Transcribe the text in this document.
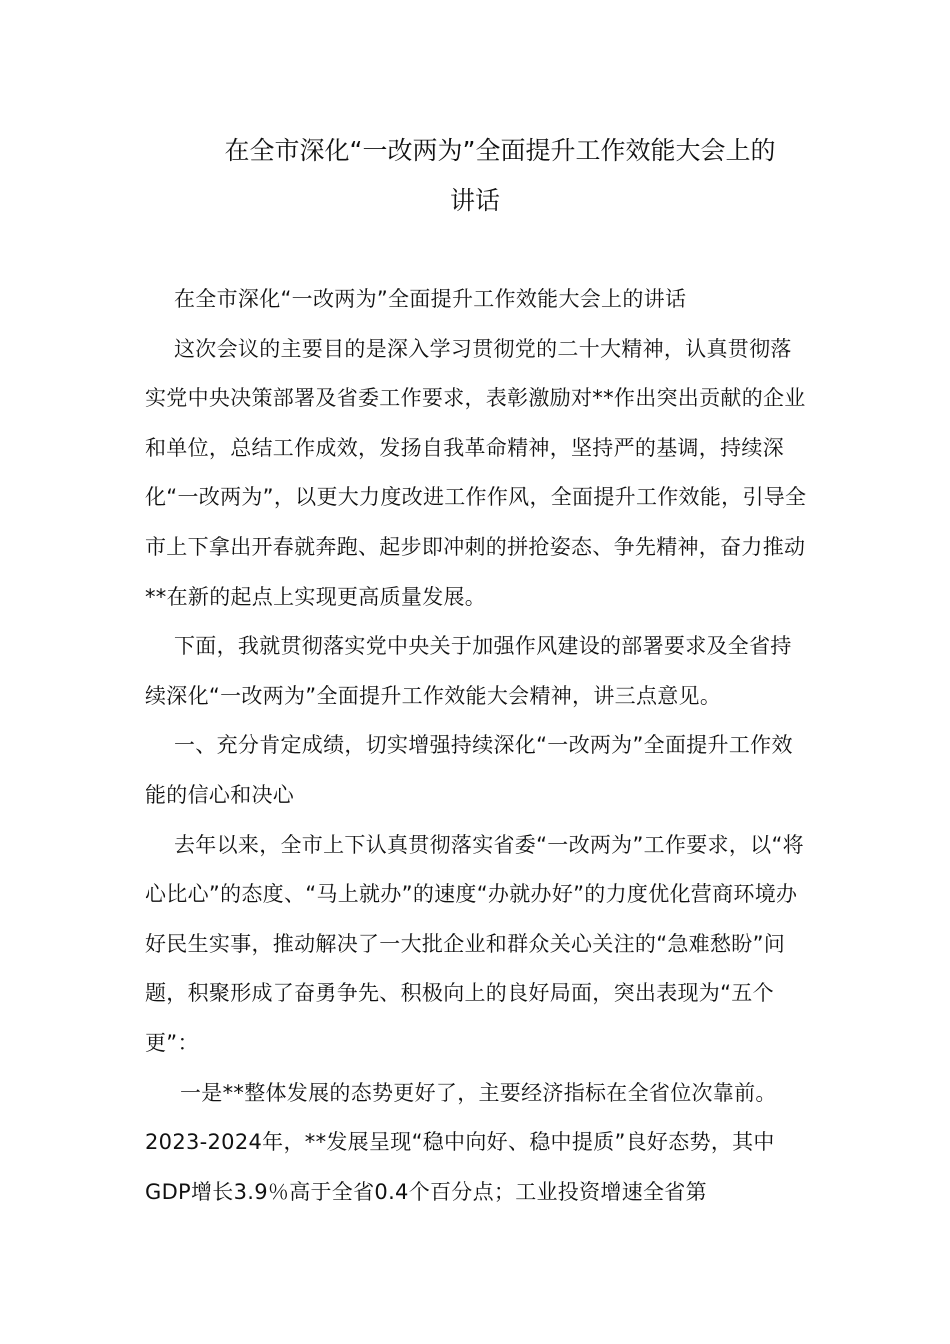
在全市深化“一改两为”全面提升工作效能大会上的
讲话

在全市深化“一改两为”全面提升工作效能大会上的讲话

这次会议的主要目的是深入学习贯彻党的二十大精神，认真贯彻落实党中央决策部署及省委工作要求，表彰激励对**作出突出贡献的企业和单位，总结工作成效，发扬自我革命精神，坚持严的基调，持续深化“一改两为”，以更大力度改进工作作风，全面提升工作效能，引导全市上下拿出开春就奔跑、起步即冲刺的拼抢姿态、争先精神，奋力推动**在新的起点上实现更高质量发展。

下面，我就贯彻落实党中央关于加强作风建设的部署要求及全省持续深化“一改两为”全面提升工作效能大会精神，讲三点意见。

一、充分肯定成绩，切实增强持续深化“一改两为”全面提升工作效能的信心和决心

去年以来，全市上下认真贯彻落实省委“一改两为”工作要求，以“将心比心”的态度、“马上就办”的速度“办就办好”的力度优化营商环境办好民生实事，推动解决了一大批企业和群众关心关注的“急难愁盼”问题，积聚形成了奋勇争先、积极向上的良好局面，突出表现为“五个更”：

一是**整体发展的态势更好了，主要经济指标在全省位次靠前。2023-2024年，**发展呈现“稳中向好、稳中提质”良好态势，其中GDP增长3.9％高于全省0.4个百分点；工业投资增速全省第
